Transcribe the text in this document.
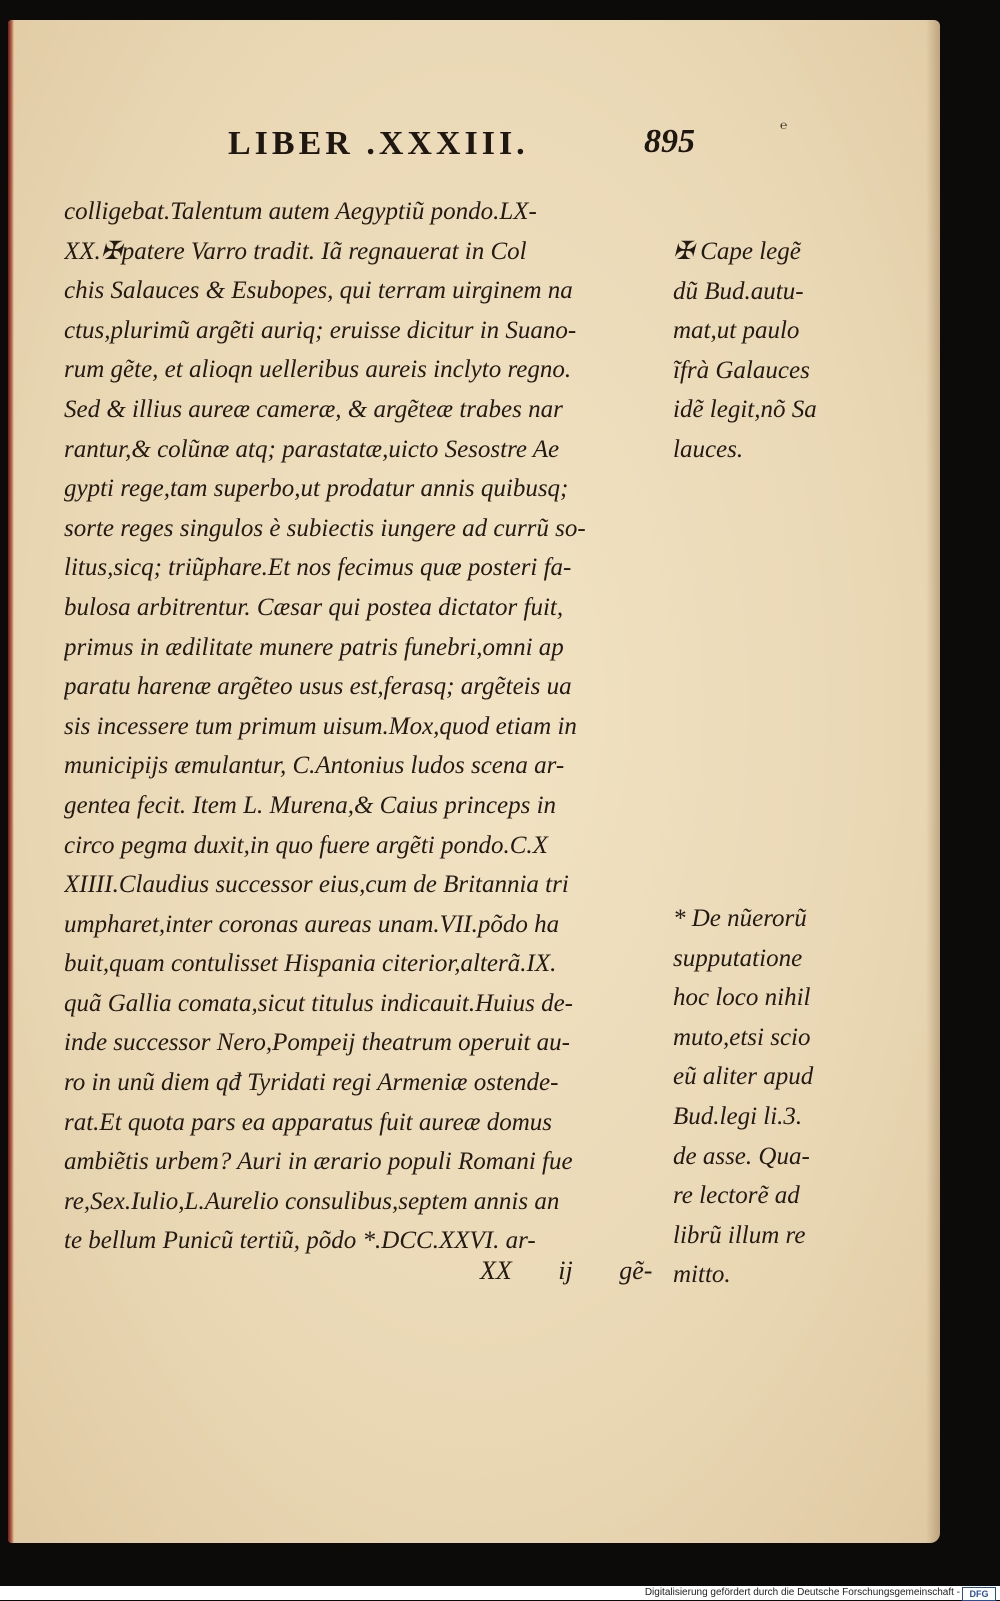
LIBER .XXXIII.	895	℮
colligebat.Talentum autem Aegyptiũ pondo.LX-
XX.✠patere Varro tradit. Iã regnauerat in Col
chis Salauces & Esubopes, qui terram uirginem na
ctus,plurimũ argẽti auriq; eruisse dicitur in Suano-
rum gẽte, et alioqn uelleribus aureis inclyto regno.
Sed & illius aureæ cameræ, & argẽteæ trabes nar
rantur,& colũnæ atq; parastatæ,uicto Sesostre Ae
gypti rege,tam superbo,ut prodatur annis quibusq;
sorte reges singulos è subiectis iungere ad currũ so-
litus,sicq; triũphare.Et nos fecimus quæ posteri fa-
bulosa arbitrentur. Cæsar qui postea dictator fuit,
primus in ædilitate munere patris funebri,omni ap
paratu harenæ argẽteo usus est,ferasq; argẽteis ua
sis incessere tum primum uisum.Mox,quod etiam in
municipijs æmulantur, C.Antonius ludos scena ar-
gentea fecit. Item L. Murena,& Caius princeps in
circo pegma duxit,in quo fuere argẽti pondo.C.X
XIIII.Claudius successor eius,cum de Britannia tri
umpharet,inter coronas aureas unam.VII.põdo ha
buit,quam contulisset Hispania citerior,alterã.IX.
quã Gallia comata,sicut titulus indicauit.Huius de-
inde successor Nero,Pompeij theatrum operuit au-
ro in unũ diem qđ Tyridati regi Armeniæ ostende-
rat.Et quota pars ea apparatus fuit aureæ domus
ambiẽtis urbem? Auri in ærario populi Romani fue
re,Sex.Iulio,L.Aurelio consulibus,septem annis an
te bellum Punicũ tertiũ, põdo *.DCC.XXVI. ar-
✠ Cape legẽ
dũ Bud.autu-
mat,ut paulo
ĩfrà Galauces
idẽ legit,nõ Sa
lauces.
* De nũerorũ
supputatione
hoc loco nihil
muto,etsi scio
eũ aliter apud
Bud.legi li.3.
de asse. Qua-
re lectorẽ ad
librũ illum re
mitto.
XX ij gẽ-
Digitalisierung gefördert durch die Deutsche Forschungsgemeinschaft -	DFG
